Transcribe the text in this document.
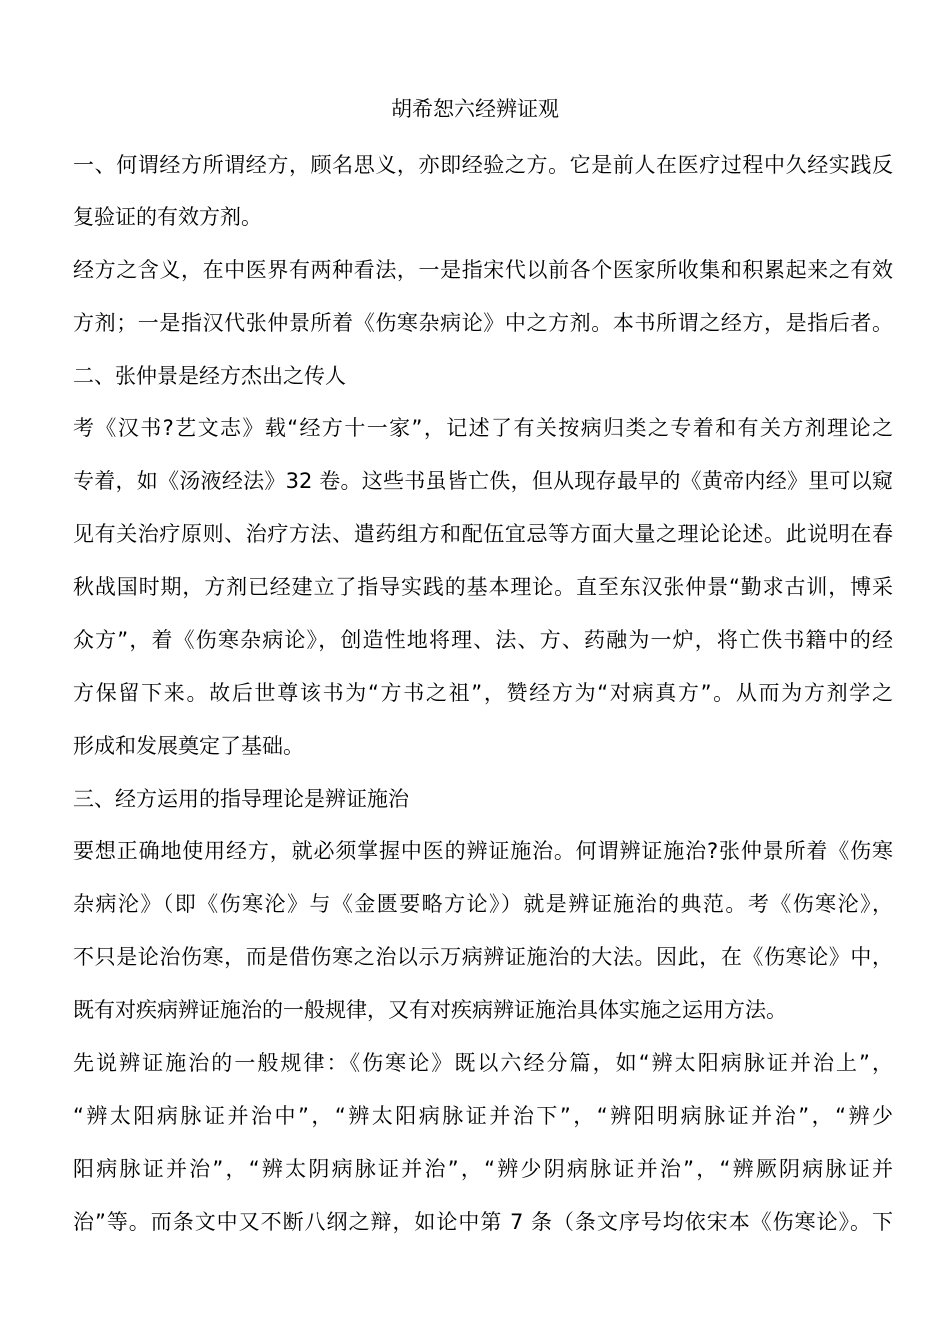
胡希恕六经辨证观
一、何谓经方所谓经方，顾名思义，亦即经验之方。它是前人在医疗过程中久经实践反
复验证的有效方剂。
经方之含义，在中医界有两种看法，一是指宋代以前各个医家所收集和积累起来之有效
方剂；一是指汉代张仲景所着《伤寒杂病论》中之方剂。本书所谓之经方，是指后者。
二、张仲景是经方杰出之传人
考《汉书?艺文志》载“经方十一家”，记述了有关按病归类之专着和有关方剂理论之
专着，如《汤液经法》32 卷。这些书虽皆亡佚，但从现存最早的《黄帝内经》里可以窥
见有关治疗原则、治疗方法、遣药组方和配伍宜忌等方面大量之理论论述。此说明在春
秋战国时期，方剂已经建立了指导实践的基本理论。直至东汉张仲景“勤求古训，博采
众方”，着《伤寒杂病论》，创造性地将理、法、方、药融为一炉，将亡佚书籍中的经
方保留下来。故后世尊该书为“方书之祖”，赞经方为“对病真方”。从而为方剂学之
形成和发展奠定了基础。
三、经方运用的指导理论是辨证施治
要想正确地使用经方，就必须掌握中医的辨证施治。何谓辨证施治?张仲景所着《伤寒
杂病沦》（即《伤寒沦》与《金匮要略方论》）就是辨证施治的典范。考《伤寒沦》，
不只是论治伤寒，而是借伤寒之治以示万病辨证施治的大法。因此，在《伤寒论》中，
既有对疾病辨证施治的一般规律，又有对疾病辨证施治具体实施之运用方法。
先说辨证施治的一般规律：《伤寒论》既以六经分篇，如“辨太阳病脉证并治上”，
“辨太阳病脉证并治中”，“辨太阳病脉证并治下”，“辨阳明病脉证并治”，“辨少
阳病脉证并治”，“辨太阴病脉证并治”，“辨少阴病脉证并治”，“辨厥阴病脉证并
治”等。而条文中又不断八纲之辩，如论中第 7 条（条文序号均依宋本《伤寒论》。下
